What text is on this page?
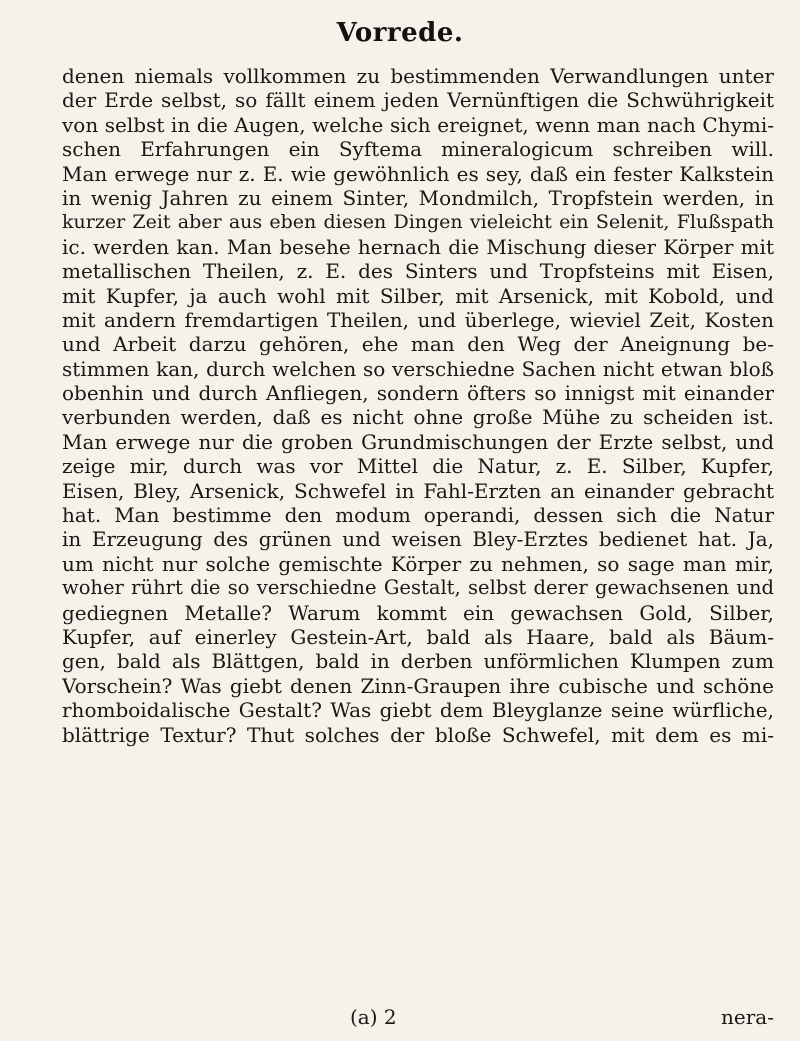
Vorrede.
denen niemals vollkommen zu bestimmenden Verwandlungen unter
der Erde selbst, so fällt einem jeden Vernünftigen die Schwührigkeit
von selbst in die Augen, welche sich ereignet, wenn man nach Chymi-
schen Erfahrungen ein Syftema mineralogicum schreiben will.
Man erwege nur z. E. wie gewöhnlich es sey, daß ein fester Kalkstein
in wenig Jahren zu einem Sinter, Mondmilch, Tropfstein werden, in
kurzer Zeit aber aus eben diesen Dingen vieleicht ein Selenit, Flußspath
ic. werden kan. Man besehe hernach die Mischung dieser Körper mit
metallischen Theilen, z. E. des Sinters und Tropfsteins mit Eisen,
mit Kupfer, ja auch wohl mit Silber, mit Arsenick, mit Kobold, und
mit andern fremdartigen Theilen, und überlege, wieviel Zeit, Kosten
und Arbeit darzu gehören, ehe man den Weg der Aneignung be-
stimmen kan, durch welchen so verschiedne Sachen nicht etwan bloß
obenhin und durch Anfliegen, sondern öfters so innigst mit einander
verbunden werden, daß es nicht ohne große Mühe zu scheiden ist.
Man erwege nur die groben Grundmischungen der Erzte selbst, und
zeige mir, durch was vor Mittel die Natur, z. E. Silber, Kupfer,
Eisen, Bley, Arsenick, Schwefel in Fahl-Erzten an einander gebracht
hat. Man bestimme den modum operandi, dessen sich die Natur
in Erzeugung des grünen und weisen Bley-Erztes bedienet hat. Ja,
um nicht nur solche gemischte Körper zu nehmen, so sage man mir,
woher rührt die so verschiedne Gestalt, selbst derer gewachsenen und
gediegnen Metalle? Warum kommt ein gewachsen Gold, Silber,
Kupfer, auf einerley Gestein-Art, bald als Haare, bald als Bäum-
gen, bald als Blättgen, bald in derben unförmlichen Klumpen zum
Vorschein? Was giebt denen Zinn-Graupen ihre cubische und schöne
rhomboidalische Gestalt? Was giebt dem Bleyglanze seine würfliche,
blättrige Textur? Thut solches der bloße Schwefel, mit dem es mi-
(a) 2	nera-
